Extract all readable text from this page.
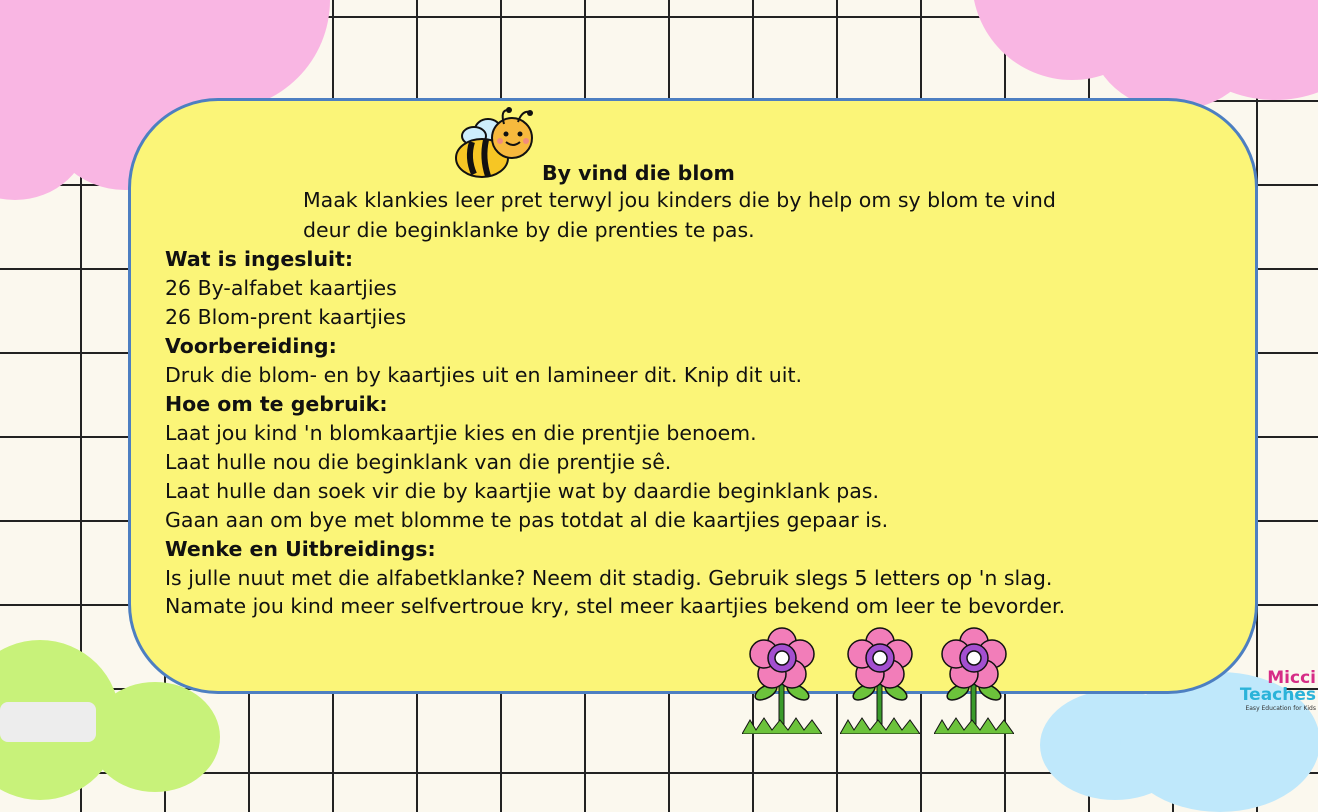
By vind die blom
Maak klankies leer pret terwyl jou kinders die by help om sy blom te vind
deur die beginklanke by die prenties te pas.
Wat is ingesluit:
26 By-alfabet kaartjies
26 Blom-prent kaartjies
Voorbereiding:
Druk die blom- en by kaartjies uit en lamineer dit. Knip dit uit.
Hoe om te gebruik:
Laat jou kind 'n blomkaartjie kies en die prentjie benoem.
Laat hulle nou die beginklank van die prentjie sê.
Laat hulle dan soek vir die by kaartjie wat by daardie beginklank pas.
Gaan aan om bye met blomme te pas totdat al die kaartjies gepaar is.
Wenke en Uitbreidings:
Is julle nuut met die alfabetklanke? Neem dit stadig. Gebruik slegs 5 letters op 'n slag.
Namate jou kind meer selfvertroue kry, stel meer kaartjies bekend om leer te bevorder.
Micci
Teaches
Easy Education for Kids
